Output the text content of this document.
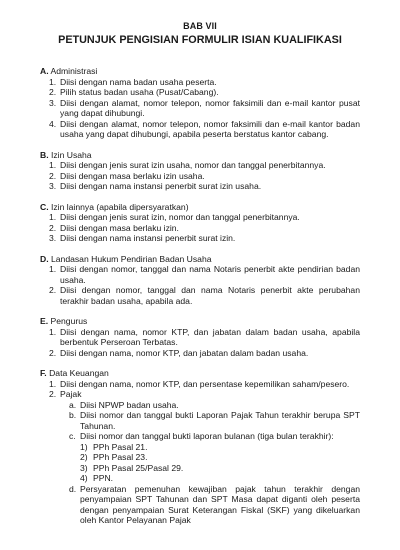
BAB VII
PETUNJUK PENGISIAN FORMULIR ISIAN KUALIFIKASI
A. Administrasi
1. Diisi dengan nama badan usaha peserta.
2. Pilih status badan usaha (Pusat/Cabang).
3. Diisi dengan alamat, nomor telepon, nomor faksimili dan e-mail kantor pusat yang dapat dihubungi.
4. Diisi dengan alamat, nomor telepon, nomor faksimili dan e-mail kantor badan usaha yang dapat dihubungi, apabila peserta berstatus kantor cabang.
B. Izin Usaha
1. Diisi dengan jenis surat izin usaha, nomor dan tanggal penerbitannya.
2. Diisi dengan masa berlaku izin usaha.
3. Diisi dengan nama instansi penerbit surat izin usaha.
C. Izin lainnya (apabila dipersyaratkan)
1. Diisi dengan jenis surat izin, nomor dan tanggal penerbitannya.
2. Diisi dengan masa berlaku izin.
3. Diisi dengan nama instansi penerbit surat izin.
D. Landasan Hukum Pendirian Badan Usaha
1. Diisi dengan nomor, tanggal dan nama Notaris penerbit akte pendirian badan usaha.
2. Diisi dengan nomor, tanggal dan nama Notaris penerbit akte perubahan terakhir badan usaha, apabila ada.
E. Pengurus
1. Diisi dengan nama, nomor KTP, dan jabatan dalam badan usaha, apabila berbentuk Perseroan Terbatas.
2. Diisi dengan nama, nomor KTP, dan jabatan dalam badan usaha.
F. Data Keuangan
1. Diisi dengan nama, nomor KTP, dan persentase kepemilikan saham/pesero.
2. Pajak
a. Diisi NPWP badan usaha.
b. Diisi nomor dan tanggal bukti Laporan Pajak Tahun terakhir berupa SPT Tahunan.
c. Diisi nomor dan tanggal bukti laporan bulanan (tiga bulan terakhir):
1) PPh Pasal 21.
2) PPh Pasal 23.
3) PPh Pasal 25/Pasal 29.
4) PPN.
d. Persyaratan pemenuhan kewajiban pajak tahun terakhir dengan penyampaian SPT Tahunan dan SPT Masa dapat diganti oleh peserta dengan penyampaian Surat Keterangan Fiskal (SKF) yang dikeluarkan oleh Kantor Pelayanan Pajak
